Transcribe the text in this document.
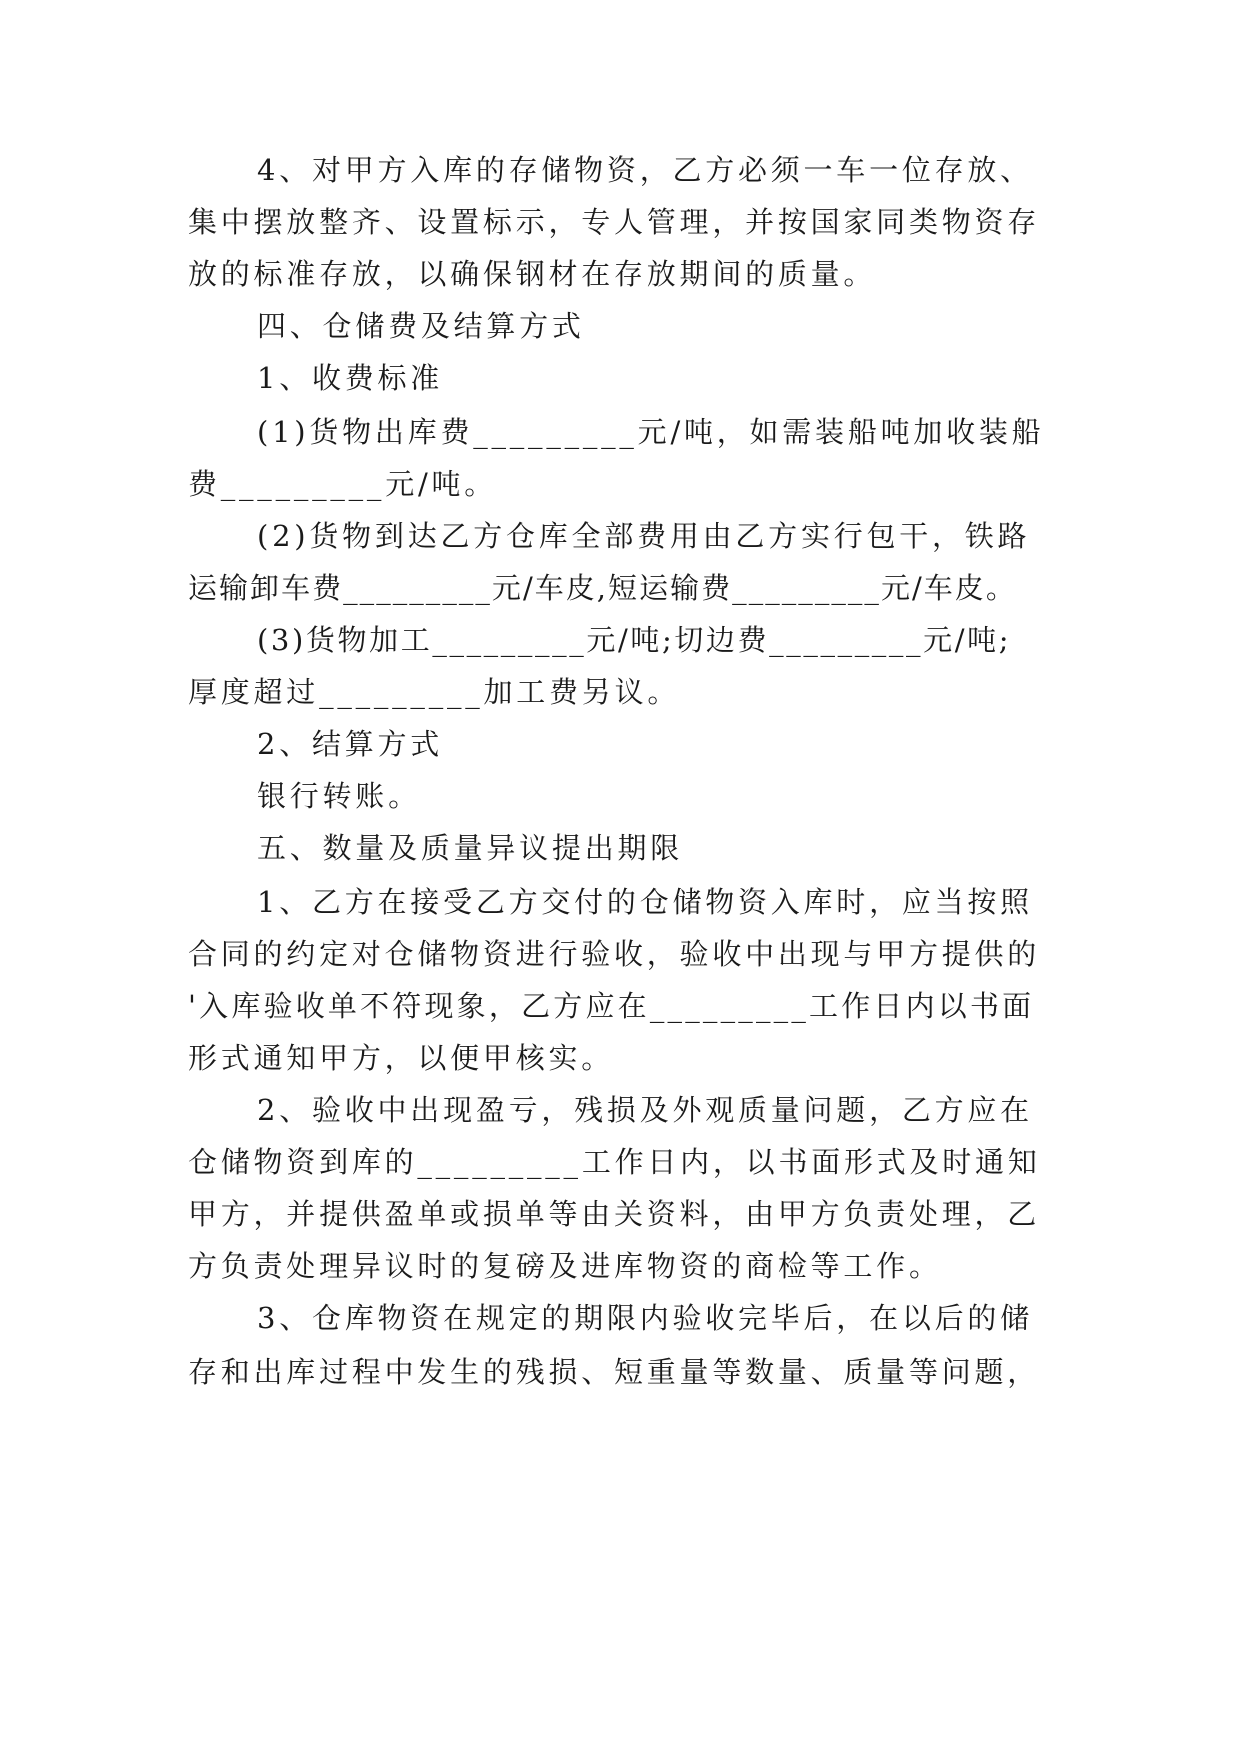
4、对甲方入库的存储物资，乙方必须一车一位存放、
集中摆放整齐、设置标示，专人管理，并按国家同类物资存
放的标准存放，以确保钢材在存放期间的质量。
四、仓储费及结算方式
1、收费标准
(1)货物出库费_________元/吨，如需装船吨加收装船
费_________元/吨。
(2)货物到达乙方仓库全部费用由乙方实行包干，铁路
运输卸车费_________元/车皮,短运输费_________元/车皮。
(3)货物加工_________元/吨;切边费_________元/吨;
厚度超过_________加工费另议。
2、结算方式
银行转账。
五、数量及质量异议提出期限
1、乙方在接受乙方交付的仓储物资入库时，应当按照
合同的约定对仓储物资进行验收，验收中出现与甲方提供的
'入库验收单不符现象，乙方应在_________工作日内以书面
形式通知甲方，以便甲核实。
2、验收中出现盈亏，残损及外观质量问题，乙方应在
仓储物资到库的_________工作日内，以书面形式及时通知
甲方，并提供盈单或损单等由关资料，由甲方负责处理，乙
方负责处理异议时的复磅及进库物资的商检等工作。
3、仓库物资在规定的期限内验收完毕后，在以后的储
存和出库过程中发生的残损、短重量等数量、质量等问题，
